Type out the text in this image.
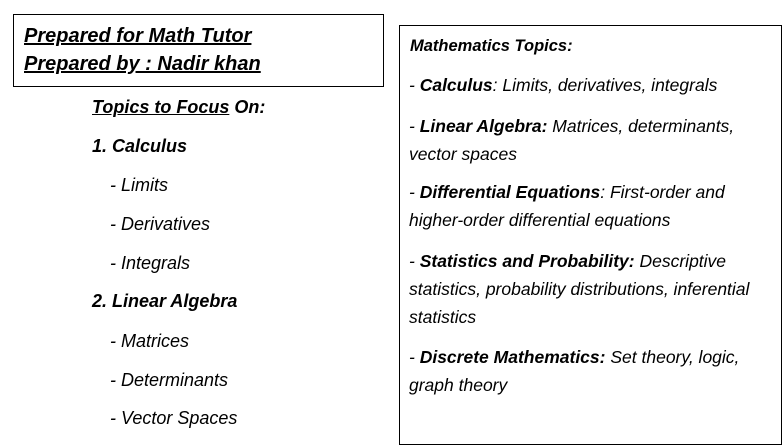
Prepared for Math Tutor
Prepared by : Nadir khan
Topics to Focus On:
1. Calculus
- Limits
- Derivatives
- Integrals
2. Linear Algebra
- Matrices
- Determinants
- Vector Spaces
Mathematics Topics:
- Calculus: Limits, derivatives, integrals
- Linear Algebra: Matrices, determinants, vector spaces
- Differential Equations: First-order and higher-order differential equations
- Statistics and Probability: Descriptive statistics, probability distributions, inferential statistics
- Discrete Mathematics: Set theory, logic, graph theory
